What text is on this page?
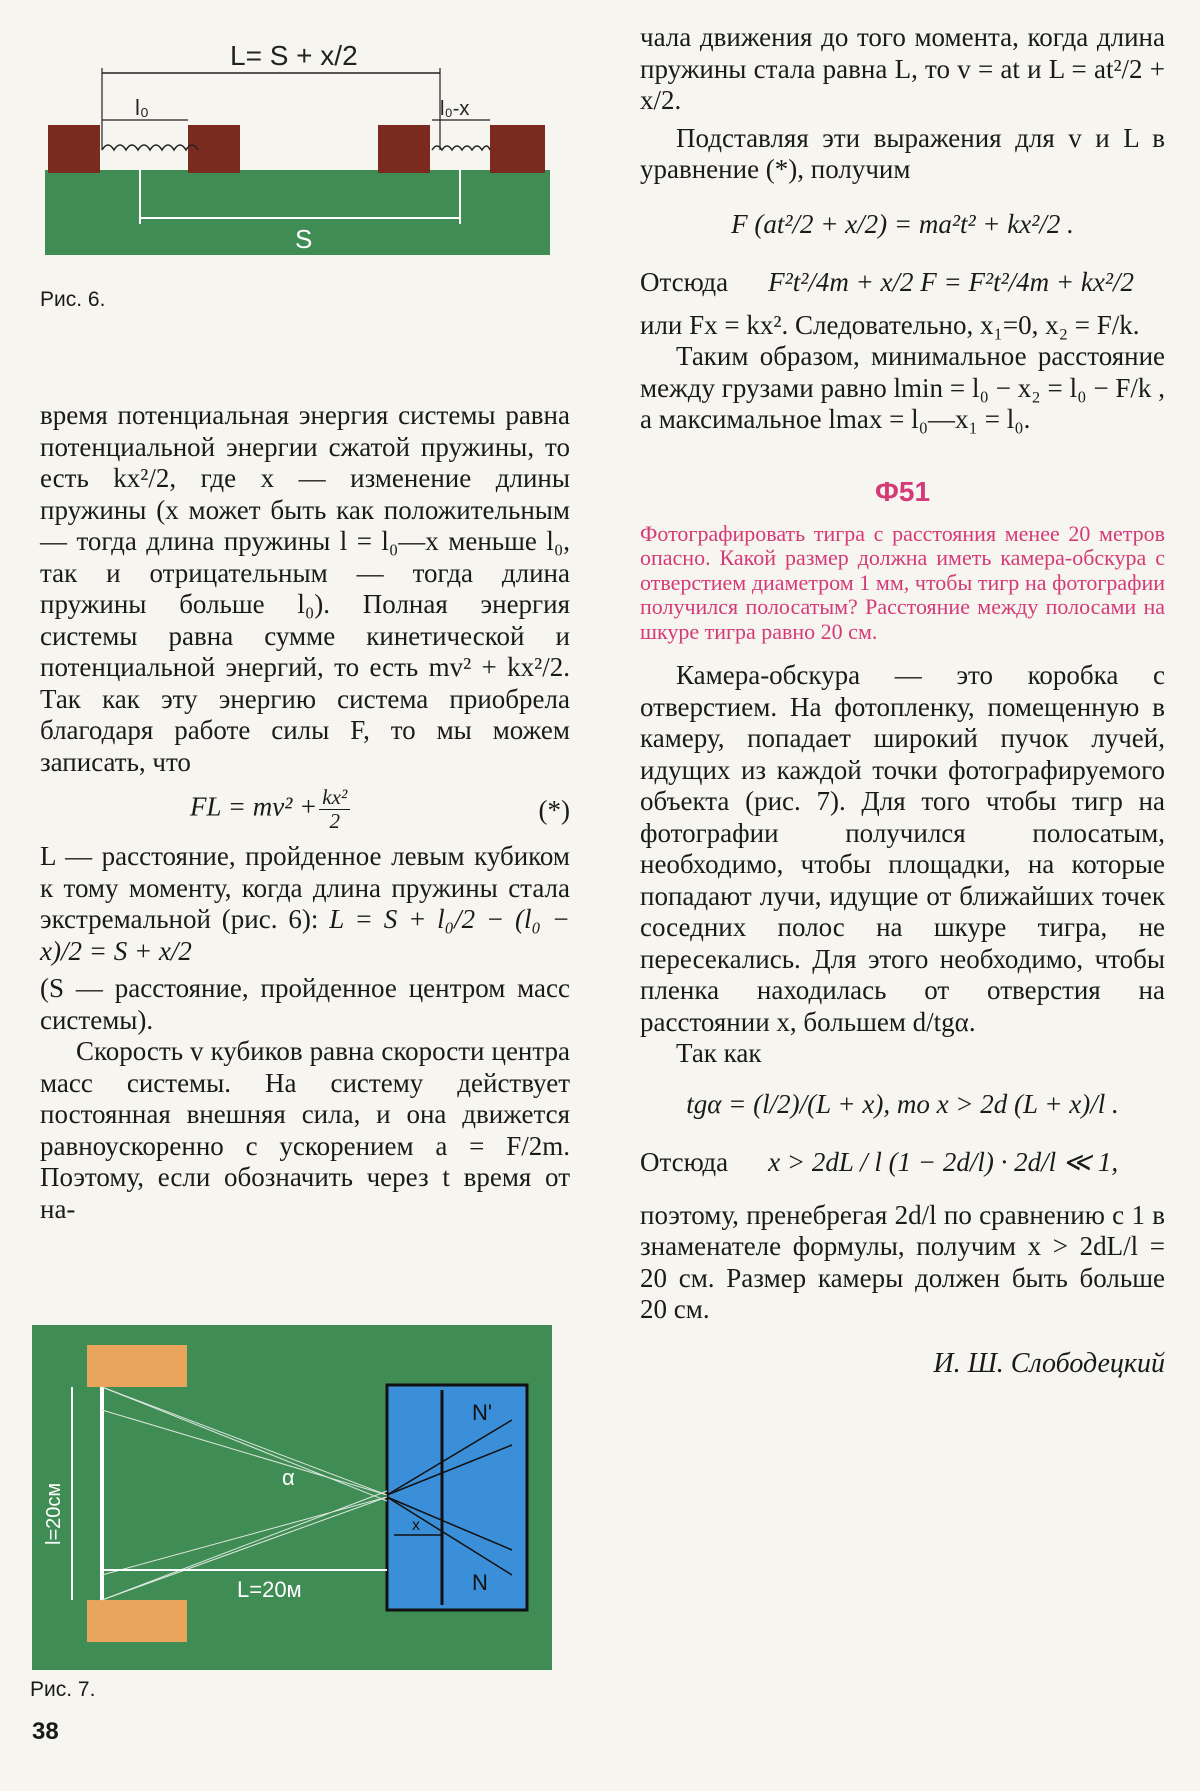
L= S + x/2
l₀	l₀-x
S
Рис. 6.

время потенциальная энергия системы равна потенциальной энергии сжатой пружины, то есть kx²/2, где x — изменение длины пружины (x может быть как положительным — тогда длина пружины l = l₀—x меньше l₀, так и отрицательным — тогда длина пружины больше l₀). Полная энергия системы равна сумме кинетической и потенциальной энергий, то есть mv² + kx²/2. Так как эту энергию система приобрела благодаря работе силы F, то мы можем записать, что

FL = $mv^2 + \frac{\text{kx²}}{2}$	(*)

L — расстояние, пройденное левым кубиком к тому моменту, когда длина пружины стала экстремальной (рис. 6): L = S + l₀/2 − (l₀ − x)/2 = S + x/2

(S — расстояние, пройденное центром масс системы).

Скорость v кубиков равна скорости центра масс системы. На систему действует постоянная внешняя сила, и она движется равноускоренно с ускорением a = F/2m. Поэтому, если обозначить через t время от на-

l=20см
L=20м
α
x
N'
N
Рис. 7.

чала движения до того момента, когда длина пружины стала равна L, то v = at и L = at²/2 + x/2.

Подставляя эти выражения для v и L в уравнение (*), получим

F (at²/2 + x/2) = ma²t² + kx²/2 .
Отсюда F²t²/4m + x/2 F = F²t²/4m + kx²/2

или Fx = kx². Следовательно, x₁=0, x₂ = F/k.

Таким образом, минимальное расстояние между грузами равно lmin = l₀ − x₂ = l₀ − F/k , а максимальное lmax = l₀—x₁ = l₀.

Ф51

Фотографировать тигра с расстояния менее 20 метров опасно. Какой размер должна иметь камера-обскура с отверстием диаметром 1 мм, чтобы тигр на фотографии получился полосатым? Расстояние между полосами на шкуре тигра равно 20 см.

Камера-обскура — это коробка с отверстием. На фотопленку, помещенную в камеру, попадает широкий пучок лучей, идущих из каждой точки фотографируемого объекта (рис. 7). Для того чтобы тигр на фотографии получился полосатым, необходимо, чтобы площадки, на которые попадают лучи, идущие от ближайших точек соседних полос на шкуре тигра, не пересекались. Для этого необходимо, чтобы пленка находилась от отверстия на расстоянии x, большем d/tgα.

Так как

tgα = (l/2)/(L + x), то x > 2d (L + x)/l .
Отсюда x > 2dL / l (1 − 2d/l) · 2d/l ≪ 1,

поэтому, пренебрегая 2d/l по сравнению с 1 в знаменателе формулы, получим x > 2dL/l = 20 см. Размер камеры должен быть больше 20 см.

И. Ш. Слободецкий
38
